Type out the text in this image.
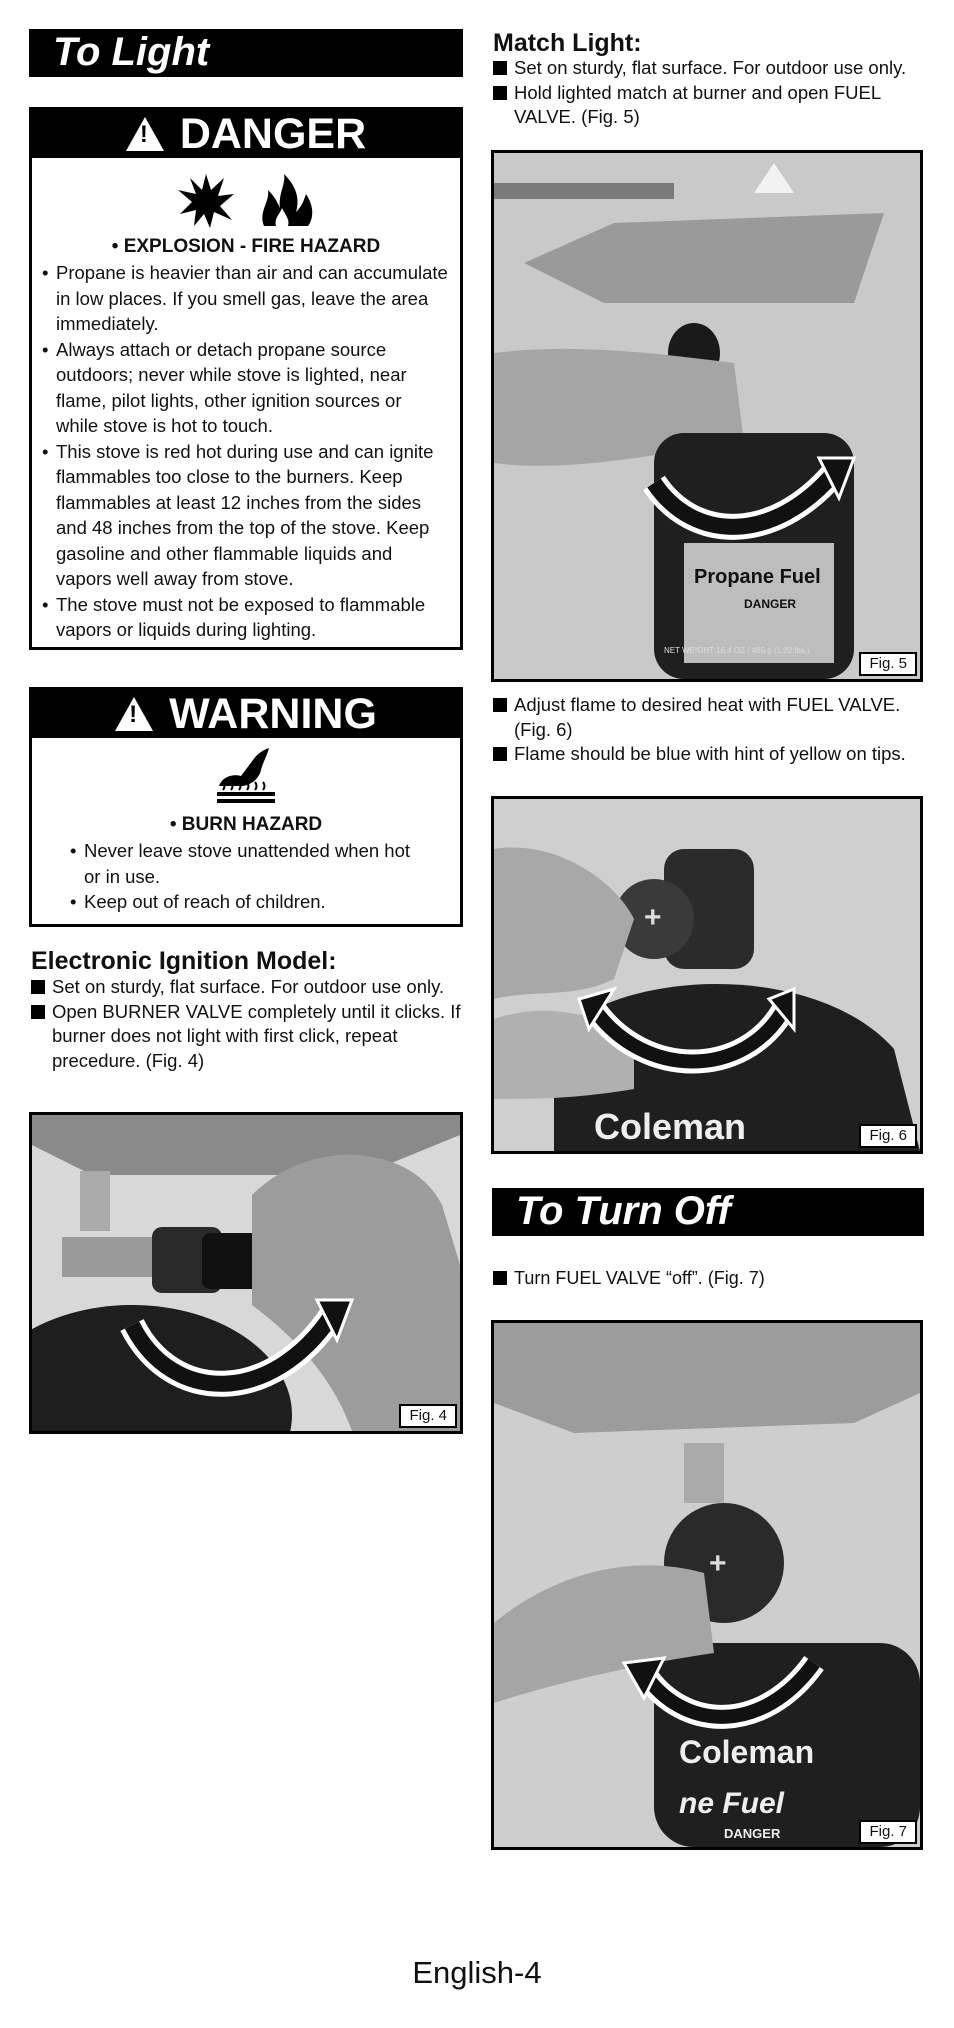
To Light
!
DANGER
• EXPLOSION - FIRE HAZARD
• Propane is heavier than air and can accumulate in low places. If you smell gas, leave the area immediately.
• Always attach or detach propane source outdoors; never while stove is lighted, near flame, pilot lights, other ignition sources or while stove is hot to touch.
• This stove is red hot during use and can ignite flammables too close to the burners. Keep flammables at least 12 inches from the sides and 48 inches from the top of the stove. Keep gasoline and other flammable liquids and vapors well away from stove.
• The stove must not be exposed to flammable vapors or liquids during lighting.
!
WARNING
• BURN HAZARD
• Never leave stove unattended when hot or in use.
• Keep out of reach of children.
Electronic Ignition Model:
Set on sturdy, flat surface. For outdoor use only.
Open BURNER VALVE completely until it clicks. If burner does not light with first click, repeat precedure. (Fig. 4)
Fig. 4
Match Light:
Set on sturdy, flat surface. For outdoor use only.
Hold lighted match at burner and open FUEL VALVE. (Fig. 5)
Propane Fuel
DANGER
NET WEIGHT 16.4 OZ / 465 g (1.02 lbs.)
Fig. 5
Adjust flame to desired heat with FUEL VALVE. (Fig. 6)
Flame should be blue with hint of yellow on tips.
+
Coleman	Fig. 6
To Turn Off
Turn FUEL VALVE “off”. (Fig. 7)
+
Coleman
ne Fuel
DANGER	Fig. 7
English-4
